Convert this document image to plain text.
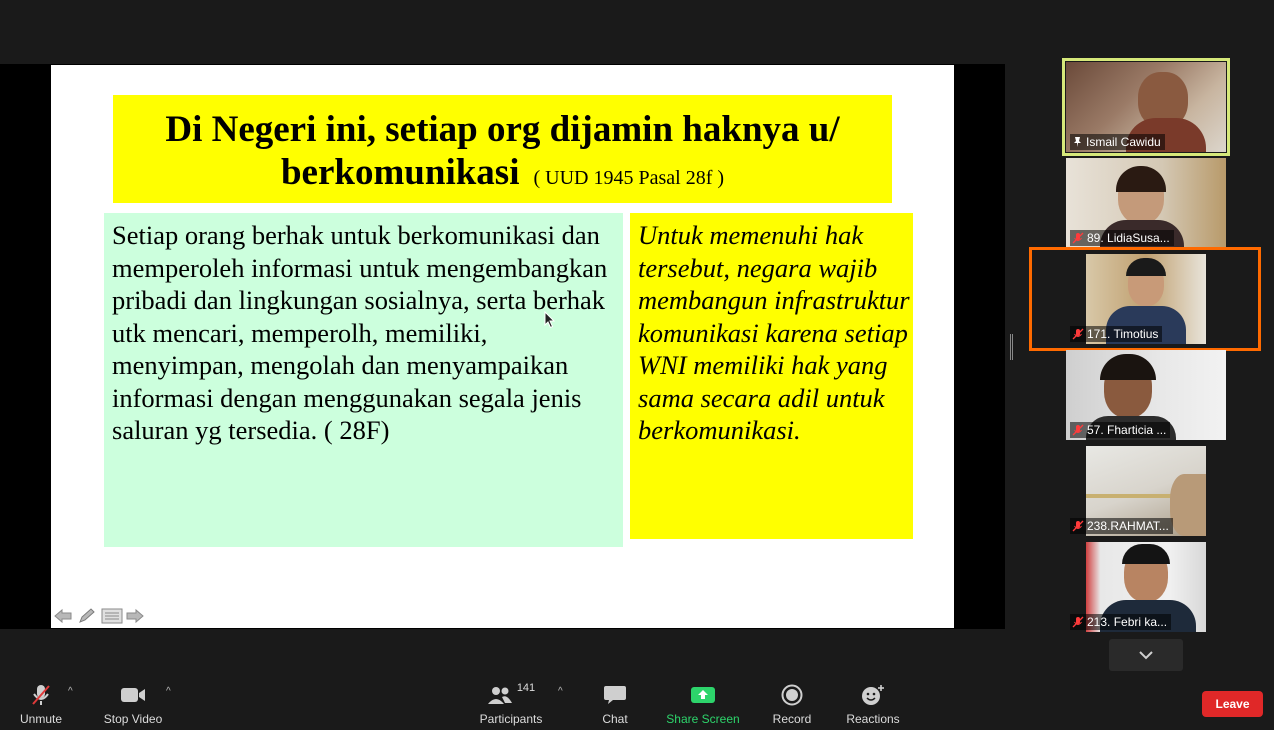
Di Negeri ini, setiap org dijamin haknya u/
berkomunikasi ( UUD 1945 Pasal 28f )
Setiap orang berhak untuk berkomunikasi dan memperoleh informasi untuk mengembangkan pribadi dan lingkungan sosialnya, serta berhak utk mencari, memperolh, memiliki, menyimpan, mengolah dan menyampaikan informasi dengan menggunakan segala jenis saluran yg tersedia. ( 28F)
Untuk memenuhi hak tersebut, negara wajib membangun infrastruktur komunikasi karena setiap WNI memiliki hak yang sama secara adil untuk berkomunikasi.
Ismail Cawidu
89. LidiaSusa...
171. Timotius
57. Fharticia ...
238.RAHMAT...
213. Febri ka...
Unmute
^
Stop Video
^	141
Participants
^
Chat	Share Screen	Record	Reactions
Leave
